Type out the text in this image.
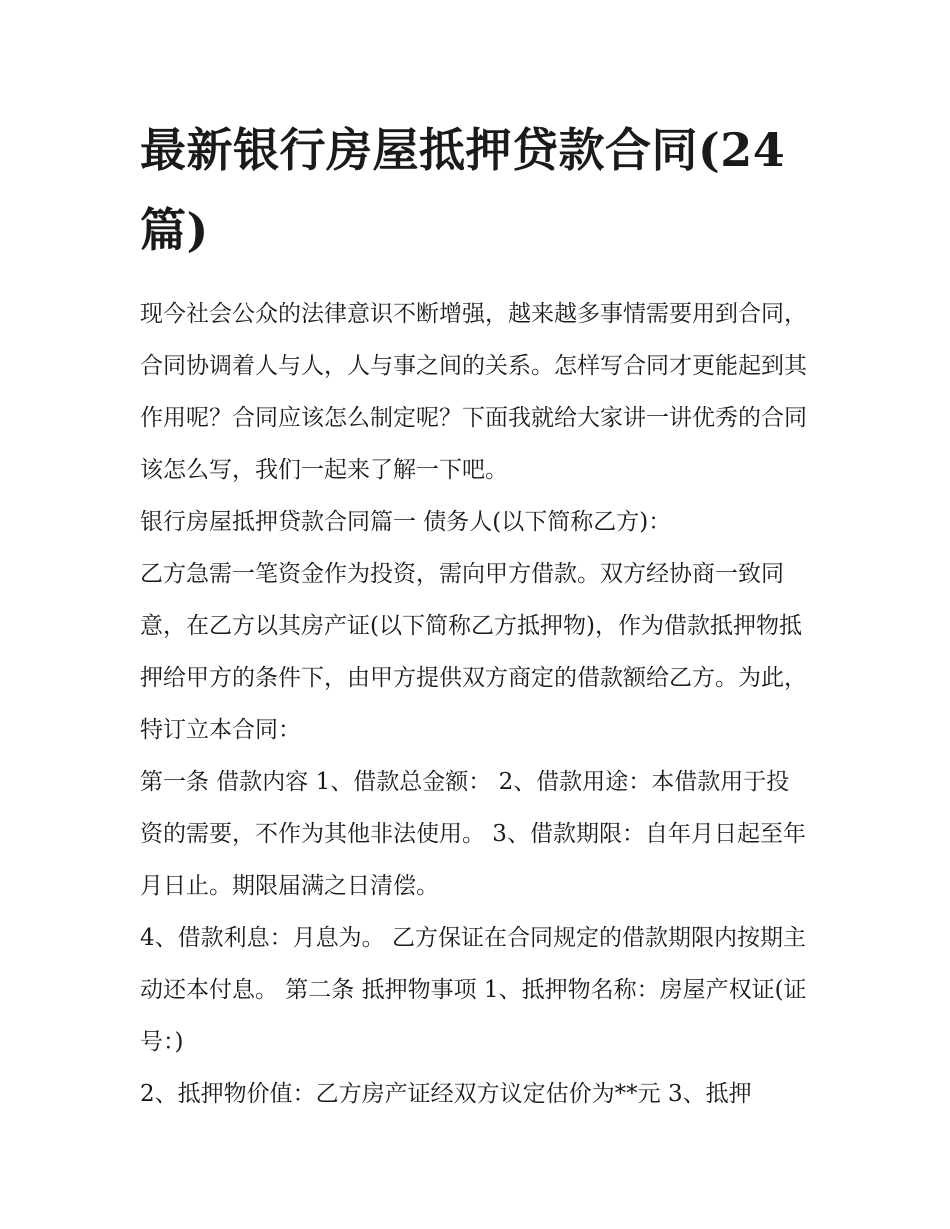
最新银行房屋抵押贷款合同(24篇)

现今社会公众的法律意识不断增强，越来越多事情需要用到合同，合同协调着人与人，人与事之间的关系。怎样写合同才更能起到其作用呢？合同应该怎么制定呢？下面我就给大家讲一讲优秀的合同该怎么写，我们一起来了解一下吧。

银行房屋抵押贷款合同篇一 债务人(以下简称乙方)：

乙方急需一笔资金作为投资，需向甲方借款。双方经协商一致同意，在乙方以其房产证(以下简称乙方抵押物)，作为借款抵押物抵押给甲方的条件下，由甲方提供双方商定的借款额给乙方。为此，特订立本合同：

第一条 借款内容 1、借款总金额： 2、借款用途：本借款用于投资的需要，不作为其他非法使用。 3、借款期限：自年月日起至年月日止。期限届满之日清偿。

4、借款利息：月息为。 乙方保证在合同规定的借款期限内按期主动还本付息。 第二条 抵押物事项 1、抵押物名称：房屋产权证(证号：)

2、抵押物价值：乙方房产证经双方议定估价为**元 3、抵押
